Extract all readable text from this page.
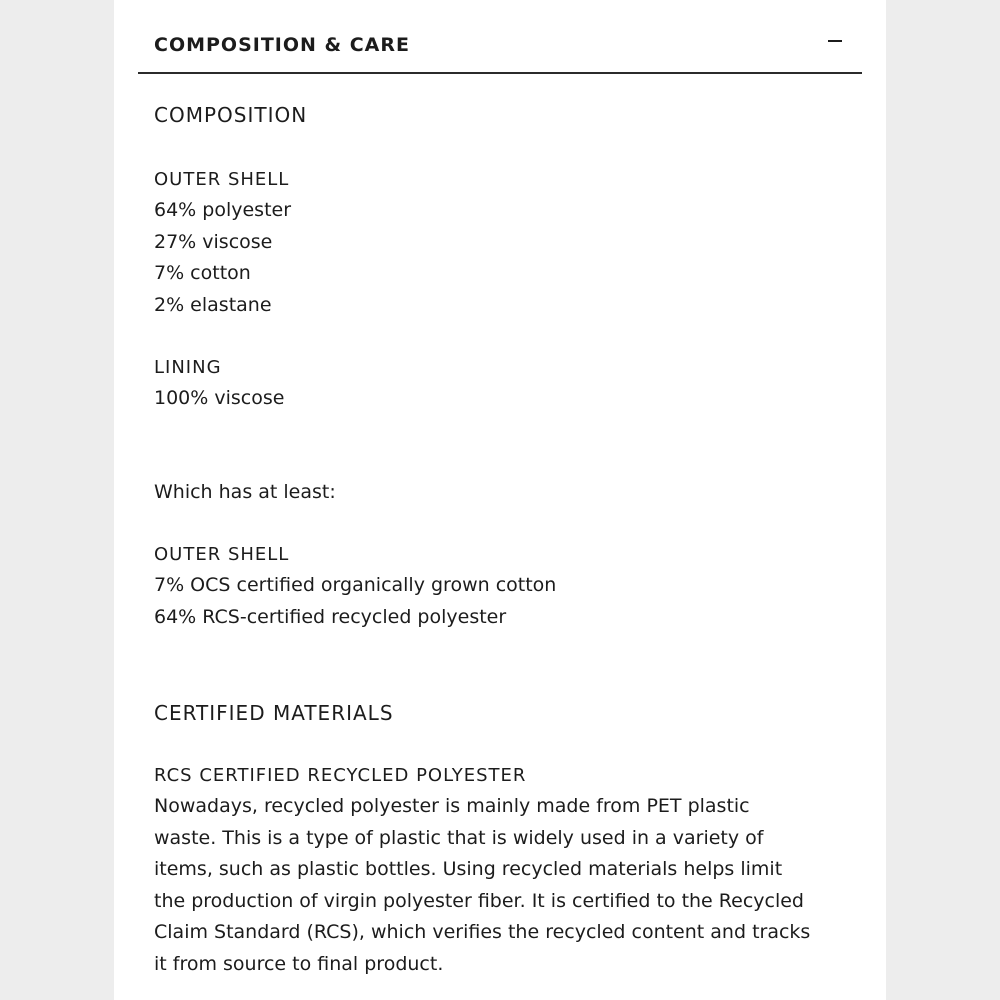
COMPOSITION & CARE

COMPOSITION

OUTER SHELL

64% polyester

27% viscose

7% cotton

2% elastane

LINING

100% viscose

Which has at least:

OUTER SHELL

7% OCS certified organically grown cotton

64% RCS-certified recycled polyester

CERTIFIED MATERIALS

RCS CERTIFIED RECYCLED POLYESTER

Nowadays, recycled polyester is mainly made from PET plastic

waste. This is a type of plastic that is widely used in a variety of

items, such as plastic bottles. Using recycled materials helps limit

the production of virgin polyester fiber. It is certified to the Recycled

Claim Standard (RCS), which verifies the recycled content and tracks

it from source to final product.
